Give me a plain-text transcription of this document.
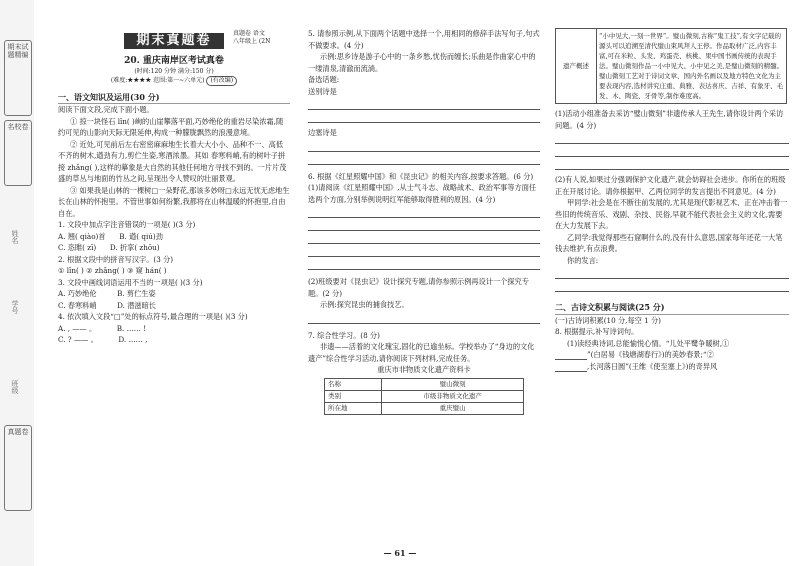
期末试题精编
名校卷
姓名
学号
班级
真题卷
期末真题卷	真题卷 语文
八年级上 (2N
20. 重庆南岸区考试真卷
(时间:120 分钟 满分:150 分)
(难度:★★★★ 范围:第一~六单元) (有改编)
一、语文知识及运用(30 分)

阅读下面文段,完成下面小题。

① 掠一块怪石 lǐn( )峋的山崖攀落平面,巧妙绝伦的重岩尽染浓霜,随约可见的山影向天际无限延伸,构成一种朦胧飘然的浪漫意境。

② 近处,可见前后左右密密麻麻地生长着大大小小、品种不一、高低不齐的树木,遒劲有力,剪伫生姿,寒酒浓墨。其如 春寒料峭,有的树叶子拼接 zhǎng( ),这样的摹象是大自然的其他任何地方寻找不到的。一片片茂盛的草丛与地面的竹丛之间,呈现出令人赞叹的壮丽景观。

③ 如果我是山林的一棵树□一朵野花,那该多妙呀□永远无忧无虑地生长在山林的怀抱里。不管世事如何纷繁,我都将在山林温暖的怀抱里,自由自在。

1. 文段中加点字注音错误的一项是( )(3 分)

A. 翘( qiào)首 B. 遒( qiú)劲
C. 恣睢( zī) D. 折挛( zhōu)

2. 根据文段中的拼音写汉字。(3 分)

① lǐn( ) ② zhǎng( ) ③ 窥 hán( )

3. 文段中画线词语运用不当的一项是( )(3 分)

A. 巧妙绝伦	B. 剪伫生姿
C. 春寒料峭	D. 潜滋暗长

4. 依次填入文段“□”处的标点符号,最合理的一项是( )(3 分)

A. , —— 。	B. …… !
C. ? —— 。	D. …… ,

5. 请参照示例,从下面两个话题中选择一个,用相同的修辞手法写句子,句式不做要求。(4 分)

示例:思乡诗是游子心中的一条乡愁,忧伤而缠长;乐曲是作曲家心中的一缕清泉,清澈而流淌。

备选话题:

送别诗是

边塞诗是

6. 根据《红星照耀中国》和《昆虫记》的相关内容,按要求答题。(6 分)

(1)请阅读《红星照耀中国》,从士气斗志、战略战术、政治军事等方面任选两个方面,分别举例说明红军能够取得胜利的原因。(4 分)

(2)班级要对《昆虫记》设计探究专题,请你参照示例再设计一个探究专题。(2 分)

示例:探究昆虫的捕食技艺。

7. 综合性学习。(8 分)

非遗——活着的文化瑰宝,固化的已逾坐标。学校举办了“身边的文化遗产”综合性学习活动,请你阅读下列材料,完成任务。

重庆市非物质文化遗产资料卡

名称	璧山微刻
类别	市级非物质文化遗产
所在地	重庆璧山
遗产概述	“小中见大,一刻一世界”。璧山微刻,古称“鬼工技”,有文字记载的源头可以追溯至清代璧山束风拜人王停。作品取材广泛,内容丰富,可在米粒、头发、鸡蛋壳、核桃、果中国书画传统的表现手法。璧山微刻作品一小中见大、小中见之美,是璧山微刻的精髓。璧山微刻工艺对于诗词文章、国内外名画以及地方特色文化为主要表现内容,选材讲究庄重、典雅、表达喜庆、吉祥、有象牙、毛发、木、陶瓷、牙骨等,制作难度高。

(1)活动小组准备去采访“璧山微刻”非遗传承人王先生,请你设计两个采访问题。(4 分)

(2)有人说,如果过分强调保护文化遗产,就会妨碍社会进步。你所在的班级正在开展讨论。请你根据甲、乙两位同学的发言提出不同意见。(4 分)

甲同学:社会是在不断往前发展的,尤其是现代影视艺术、正在冲击着一些旧的传统音乐、戏剧、杂技、民俗,早就不能代表社会主义的文化,需要在大力发展下去。

乙同学:我觉得那些石窟啊什么的,没有什么意思,国家每年还花一大笔钱去维护,有点浪费。

你的发言:

二、古诗文积累与阅读(25 分)

(一)古诗词积累(10 分,每空 1 分)

8. 根据提示,补写诗词句。

(1)读经典诗词,总能愉悦心情。“儿处平鹭争暖树,①

”(白居易《钱塘湖春行》)的美妙春景;“②

,长河落日圆”(王维《使至塞上》)的奇异风

— 61 —
